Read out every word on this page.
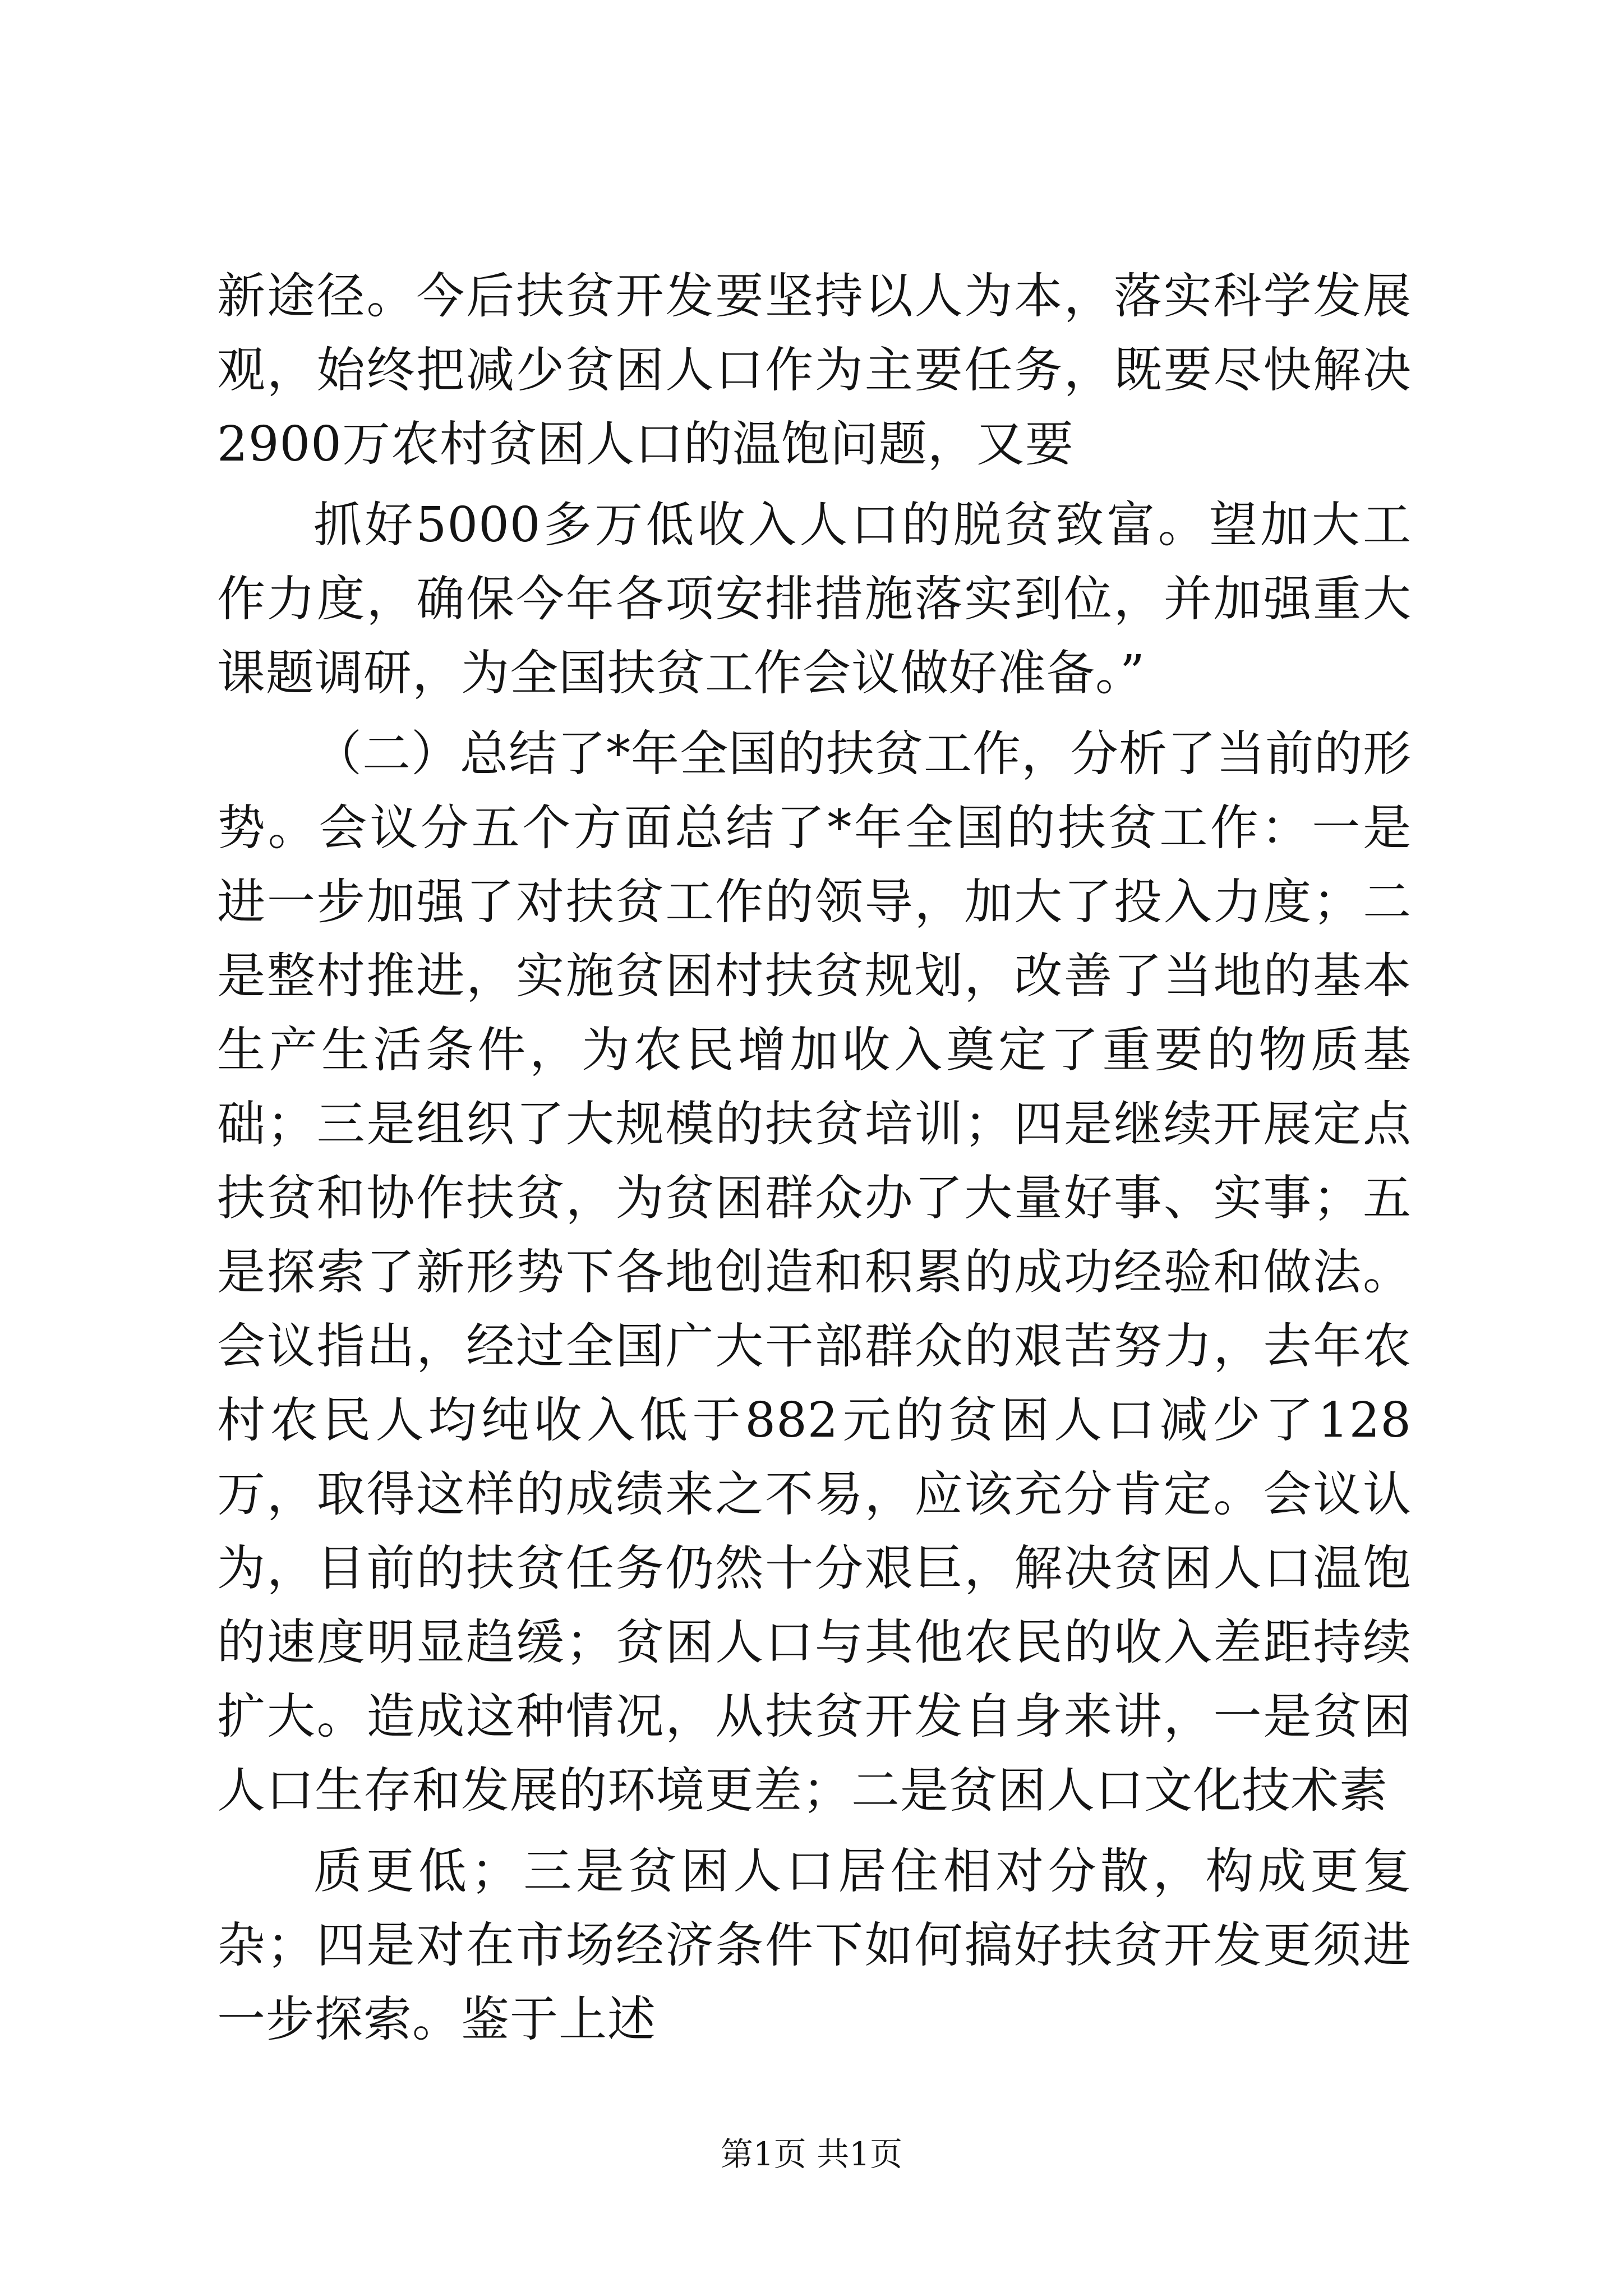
新途径。今后扶贫开发要坚持以人为本，落实科学发展观，始终把减少贫困人口作为主要任务，既要尽快解决2900万农村贫困人口的温饱问题，又要

抓好5000多万低收入人口的脱贫致富。望加大工作力度，确保今年各项安排措施落实到位，并加强重大课题调研，为全国扶贫工作会议做好准备。”

（二）总结了*年全国的扶贫工作，分析了当前的形势。会议分五个方面总结了*年全国的扶贫工作：一是进一步加强了对扶贫工作的领导，加大了投入力度；二是整村推进，实施贫困村扶贫规划，改善了当地的基本生产生活条件，为农民增加收入奠定了重要的物质基础；三是组织了大规模的扶贫培训；四是继续开展定点扶贫和协作扶贫，为贫困群众办了大量好事、实事；五是探索了新形势下各地创造和积累的成功经验和做法。会议指出，经过全国广大干部群众的艰苦努力，去年农村农民人均纯收入低于882元的贫困人口减少了128万，取得这样的成绩来之不易，应该充分肯定。会议认为，目前的扶贫任务仍然十分艰巨，解决贫困人口温饱的速度明显趋缓；贫困人口与其他农民的收入差距持续扩大。造成这种情况，从扶贫开发自身来讲，一是贫困人口生存和发展的环境更差；二是贫困人口文化技术素

质更低；三是贫困人口居住相对分散，构成更复杂；四是对在市场经济条件下如何搞好扶贫开发更须进一步探索。鉴于上述

第1页 共1页
